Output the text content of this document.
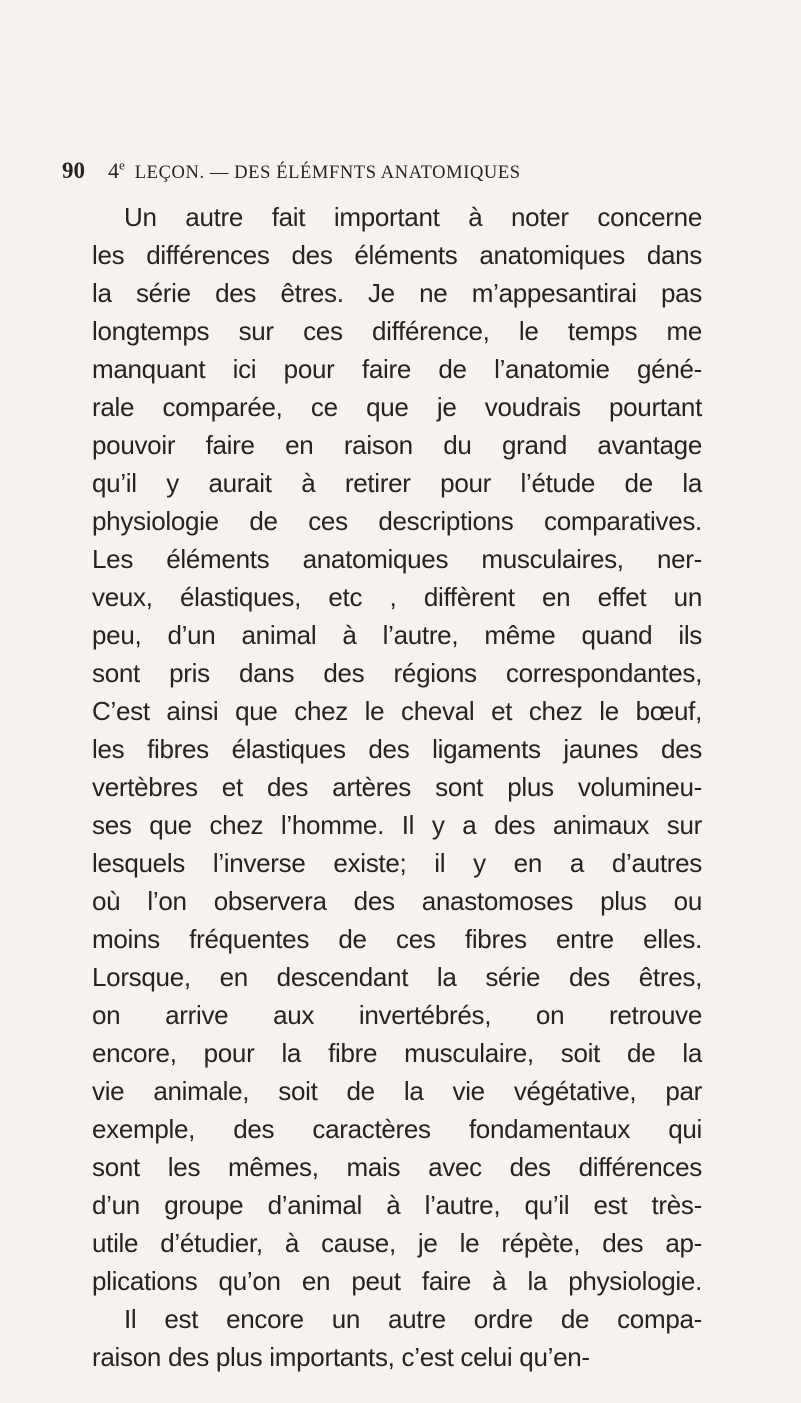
90	4e LEÇON. — DES ÉLÉMFNTS ANATOMIQUES
Un autre fait important à noter concerne
les différences des éléments anatomiques dans
la série des êtres. Je ne m’appesantirai pas
longtemps sur ces différence, le temps me
manquant ici pour faire de l’anatomie géné-
rale comparée, ce que je voudrais pourtant
pouvoir faire en raison du grand avantage
qu’il y aurait à retirer pour l’étude de la
physiologie de ces descriptions comparatives.
Les éléments anatomiques musculaires, ner-
veux, élastiques, etc , diffèrent en effet un
peu, d’un animal à l’autre, même quand ils
sont pris dans des régions correspondantes,
C’est ainsi que chez le cheval et chez le bœuf,
les fibres élastiques des ligaments jaunes des
vertèbres et des artères sont plus volumineu-
ses que chez l’homme. Il y a des animaux sur
lesquels l’inverse existe; il y en a d’autres
où l’on observera des anastomoses plus ou
moins fréquentes de ces fibres entre elles.
Lorsque, en descendant la série des êtres,
on arrive aux invertébrés, on retrouve
encore, pour la fibre musculaire, soit de la
vie animale, soit de la vie végétative, par
exemple, des caractères fondamentaux qui
sont les mêmes, mais avec des différences
d’un groupe d’animal à l’autre, qu’il est très-
utile d’étudier, à cause, je le répète, des ap-
plications qu’on en peut faire à la physiologie.
Il est encore un autre ordre de compa-
raison des plus importants, c’est celui qu’en-
